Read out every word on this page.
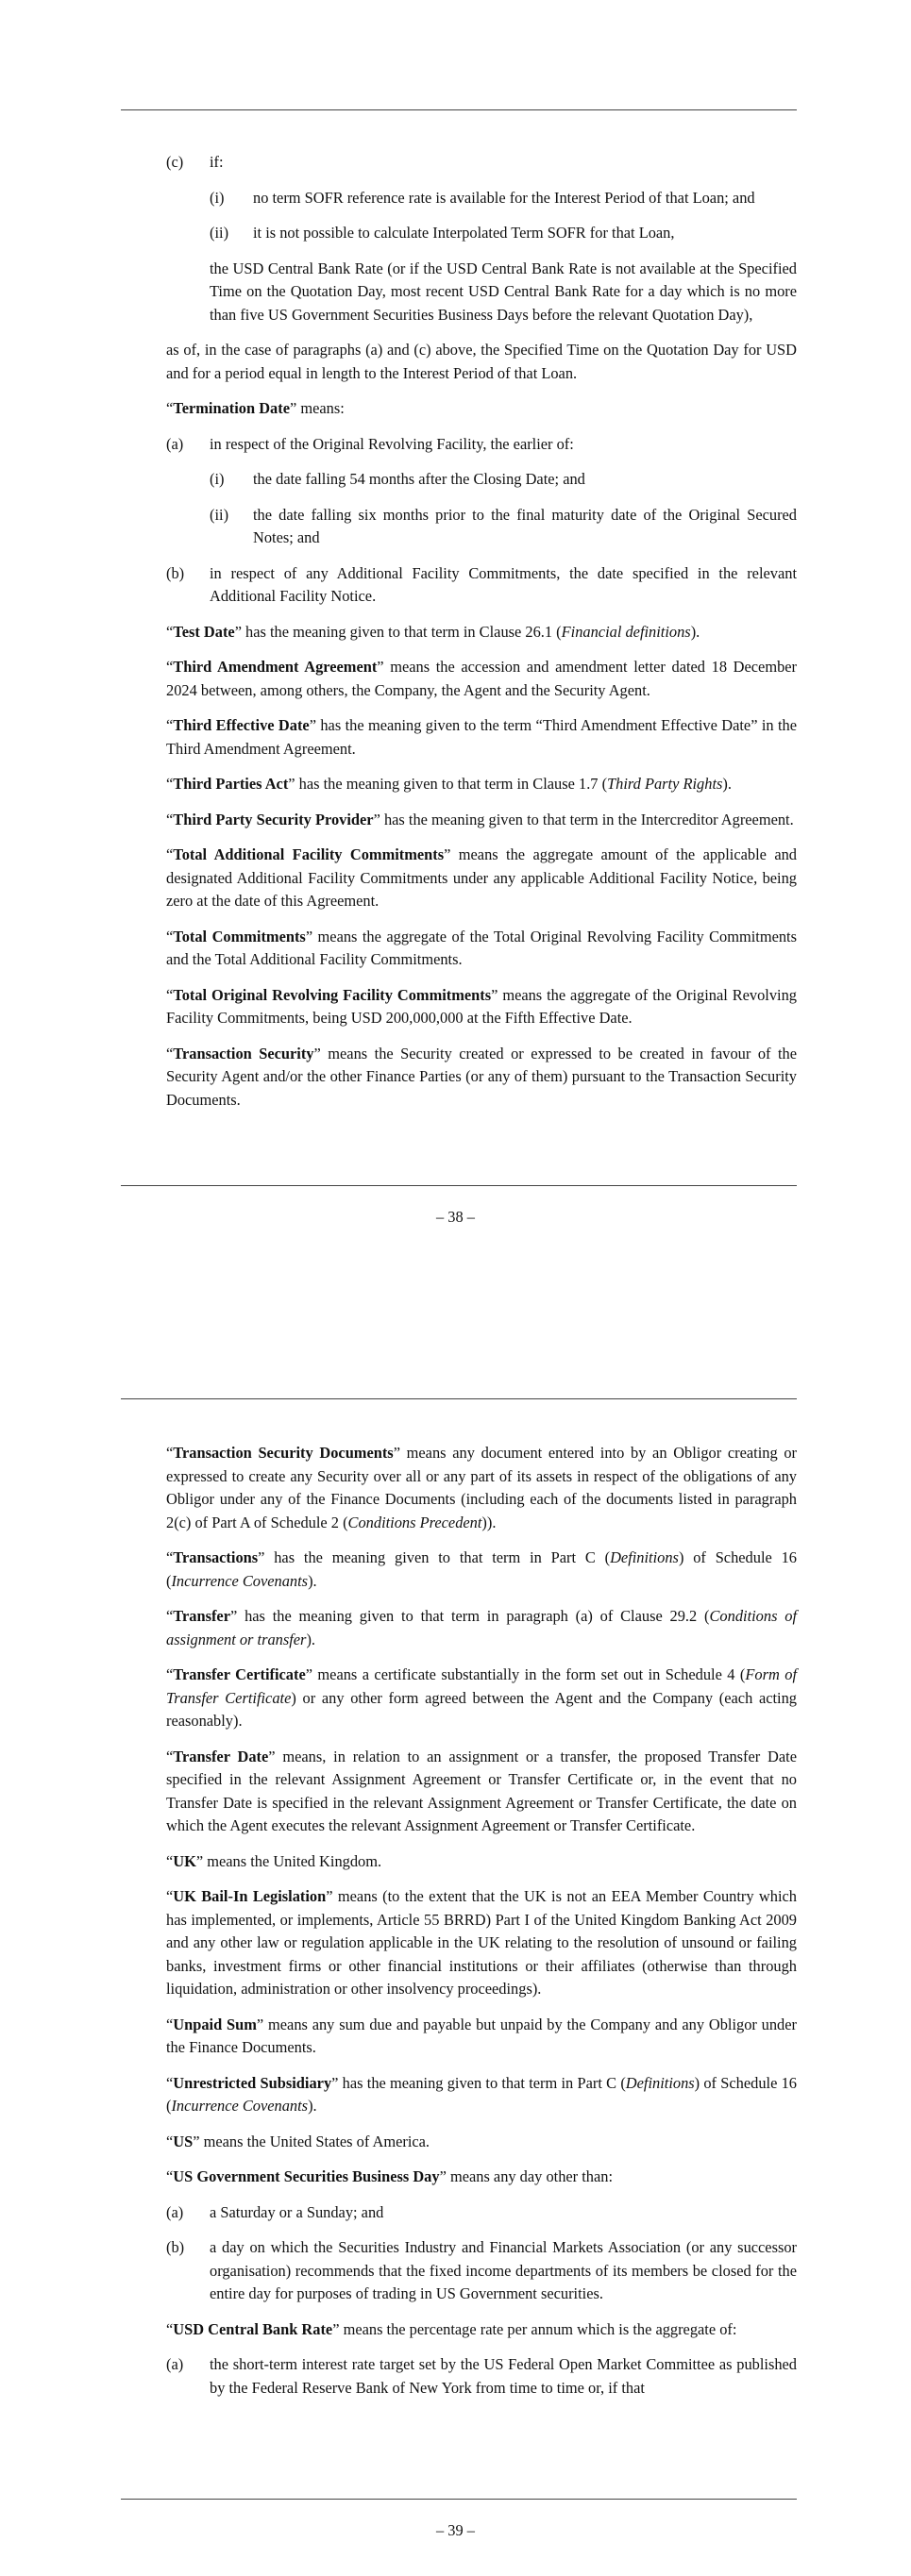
(c) if:
(i) no term SOFR reference rate is available for the Interest Period of that Loan; and
(ii) it is not possible to calculate Interpolated Term SOFR for that Loan,

the USD Central Bank Rate (or if the USD Central Bank Rate is not available at the Specified Time on the Quotation Day, most recent USD Central Bank Rate for a day which is no more than five US Government Securities Business Days before the relevant Quotation Day),

as of, in the case of paragraphs (a) and (c) above, the Specified Time on the Quotation Day for USD and for a period equal in length to the Interest Period of that Loan.

“Termination Date” means:

(a) in respect of the Original Revolving Facility, the earlier of:
(i) the date falling 54 months after the Closing Date; and
(ii) the date falling six months prior to the final maturity date of the Original Secured Notes; and
(b) in respect of any Additional Facility Commitments, the date specified in the relevant Additional Facility Notice.

“Test Date” has the meaning given to that term in Clause 26.1 (Financial definitions).

“Third Amendment Agreement” means the accession and amendment letter dated 18 December 2024 between, among others, the Company, the Agent and the Security Agent.

“Third Effective Date” has the meaning given to the term “Third Amendment Effective Date” in the Third Amendment Agreement.

“Third Parties Act” has the meaning given to that term in Clause 1.7 (Third Party Rights).

“Third Party Security Provider” has the meaning given to that term in the Intercreditor Agreement.

“Total Additional Facility Commitments” means the aggregate amount of the applicable and designated Additional Facility Commitments under any applicable Additional Facility Notice, being zero at the date of this Agreement.

“Total Commitments” means the aggregate of the Total Original Revolving Facility Commitments and the Total Additional Facility Commitments.

“Total Original Revolving Facility Commitments” means the aggregate of the Original Revolving Facility Commitments, being USD 200,000,000 at the Fifth Effective Date.

“Transaction Security” means the Security created or expressed to be created in favour of the Security Agent and/or the other Finance Parties (or any of them) pursuant to the Transaction Security Documents.

– 38 –

“Transaction Security Documents” means any document entered into by an Obligor creating or expressed to create any Security over all or any part of its assets in respect of the obligations of any Obligor under any of the Finance Documents (including each of the documents listed in paragraph 2(c) of Part A of Schedule 2 (Conditions Precedent)).

“Transactions” has the meaning given to that term in Part C (Definitions) of Schedule 16 (Incurrence Covenants).

“Transfer” has the meaning given to that term in paragraph (a) of Clause 29.2 (Conditions of assignment or transfer).

“Transfer Certificate” means a certificate substantially in the form set out in Schedule 4 (Form of Transfer Certificate) or any other form agreed between the Agent and the Company (each acting reasonably).

“Transfer Date” means, in relation to an assignment or a transfer, the proposed Transfer Date specified in the relevant Assignment Agreement or Transfer Certificate or, in the event that no Transfer Date is specified in the relevant Assignment Agreement or Transfer Certificate, the date on which the Agent executes the relevant Assignment Agreement or Transfer Certificate.

“UK” means the United Kingdom.

“UK Bail-In Legislation” means (to the extent that the UK is not an EEA Member Country which has implemented, or implements, Article 55 BRRD) Part I of the United Kingdom Banking Act 2009 and any other law or regulation applicable in the UK relating to the resolution of unsound or failing banks, investment firms or other financial institutions or their affiliates (otherwise than through liquidation, administration or other insolvency proceedings).

“Unpaid Sum” means any sum due and payable but unpaid by the Company and any Obligor under the Finance Documents.

“Unrestricted Subsidiary” has the meaning given to that term in Part C (Definitions) of Schedule 16 (Incurrence Covenants).

“US” means the United States of America.

“US Government Securities Business Day” means any day other than:

(a) a Saturday or a Sunday; and
(b) a day on which the Securities Industry and Financial Markets Association (or any successor organisation) recommends that the fixed income departments of its members be closed for the entire day for purposes of trading in US Government securities.

“USD Central Bank Rate” means the percentage rate per annum which is the aggregate of:

(a) the short-term interest rate target set by the US Federal Open Market Committee as published by the Federal Reserve Bank of New York from time to time or, if that
– 39 –
